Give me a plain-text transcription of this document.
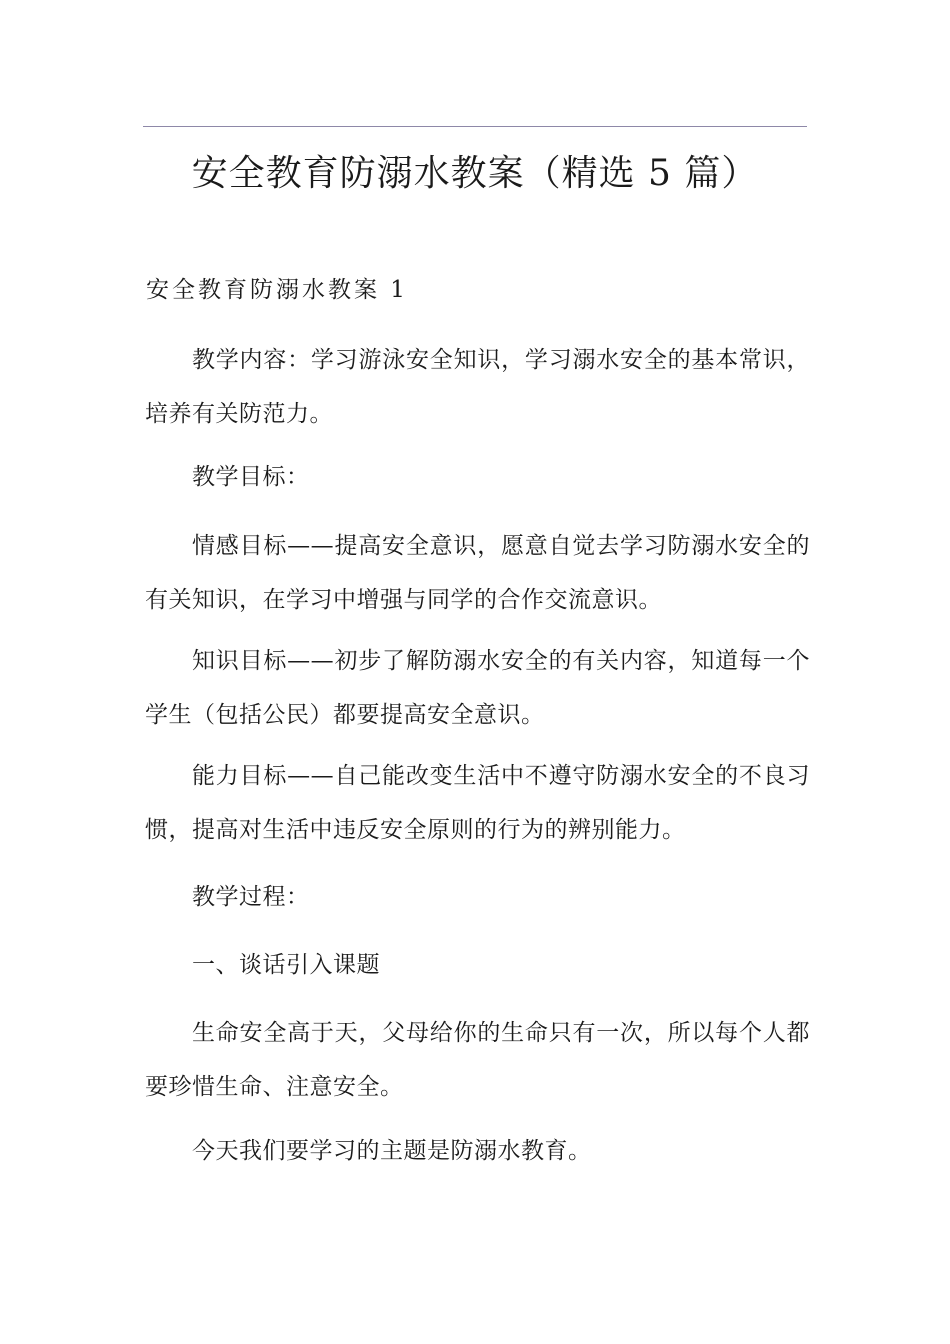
安全教育防溺水教案（精选 5 篇）
安全教育防溺水教案 1

教学内容：学习游泳安全知识，学习溺水安全的基本常识，培养有关防范力。

教学目标：

情感目标——提高安全意识，愿意自觉去学习防溺水安全的有关知识，在学习中增强与同学的合作交流意识。

知识目标——初步了解防溺水安全的有关内容，知道每一个学生（包括公民）都要提高安全意识。

能力目标——自己能改变生活中不遵守防溺水安全的不良习惯，提高对生活中违反安全原则的行为的辨别能力。

教学过程：

一、谈话引入课题

生命安全高于天，父母给你的生命只有一次，所以每个人都要珍惜生命、注意安全。

今天我们要学习的主题是防溺水教育。
